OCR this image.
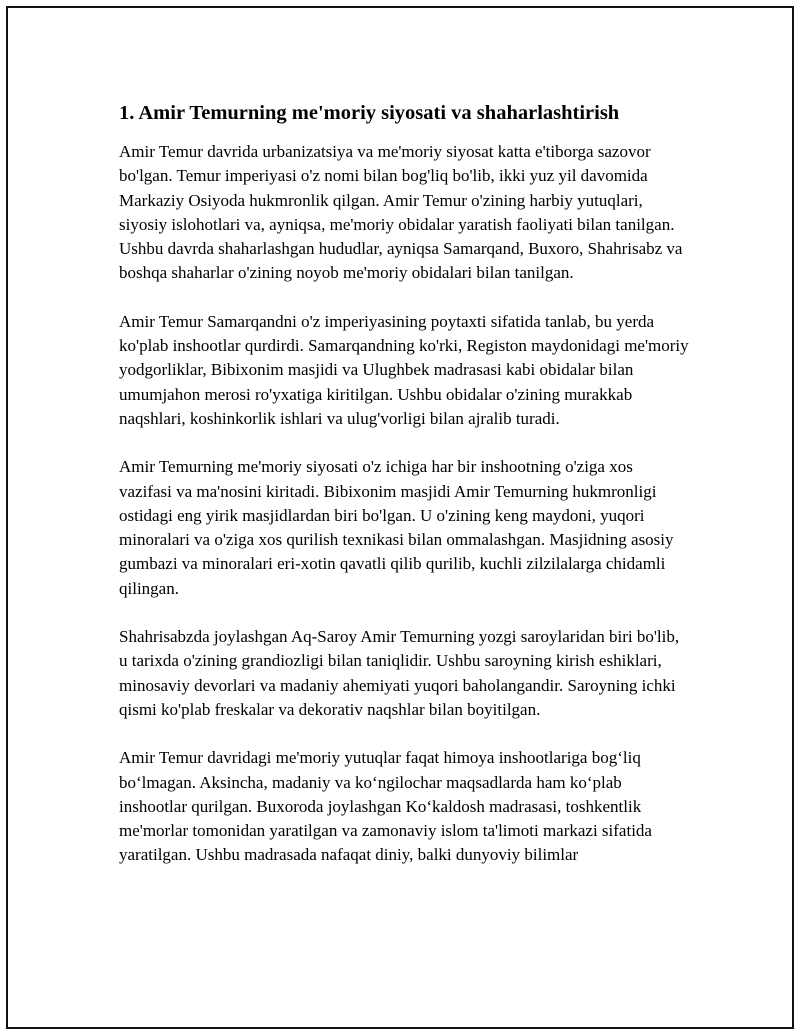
1. Amir Temurning me'moriy siyosati va shaharlashtirish

Amir Temur davrida urbanizatsiya va me'moriy siyosat katta e'tiborga sazovor bo'lgan. Temur imperiyasi o'z nomi bilan bog'liq bo'lib, ikki yuz yil davomida Markaziy Osiyoda hukmronlik qilgan. Amir Temur o'zining harbiy yutuqlari, siyosiy islohotlari va, ayniqsa, me'moriy obidalar yaratish faoliyati bilan tanilgan. Ushbu davrda shaharlashgan hududlar, ayniqsa Samarqand, Buxoro, Shahrisabz va boshqa shaharlar o'zining noyob me'moriy obidalari bilan tanilgan.

Amir Temur Samarqandni o'z imperiyasining poytaxti sifatida tanlab, bu yerda ko'plab inshootlar qurdirdi. Samarqandning ko'rki, Registon maydonidagi me'moriy yodgorliklar, Bibixonim masjidi va Ulughbek madrasasi kabi obidalar bilan umumjahon merosi ro'yxatiga kiritilgan. Ushbu obidalar o'zining murakkab naqshlari, koshinkorlik ishlari va ulug'vorligi bilan ajralib turadi.

Amir Temurning me'moriy siyosati o'z ichiga har bir inshootning o'ziga xos vazifasi va ma'nosini kiritadi. Bibixonim masjidi Amir Temurning hukmronligi ostidagi eng yirik masjidlardan biri bo'lgan. U o'zining keng maydoni, yuqori minoralari va o'ziga xos qurilish texnikasi bilan ommalashgan. Masjidning asosiy gumbazi va minoralari eri-xotin qavatli qilib qurilib, kuchli zilzilalarga chidamli qilingan.

Shahrisabzda joylashgan Aq-Saroy Amir Temurning yozgi saroylaridan biri bo'lib, u tarixda o'zining grandiozligi bilan taniqlidir. Ushbu saroyning kirish eshiklari, minosaviy devorlari va madaniy ahemiyati yuqori baholangandir. Saroyning ichki qismi ko'plab freskalar va dekorativ naqshlar bilan boyitilgan.

Amir Temur davridagi me'moriy yutuqlar faqat himoya inshootlariga bog‘liq bo‘lmagan. Aksincha, madaniy va ko‘ngilochar maqsadlarda ham ko‘plab inshootlar qurilgan. Buxoroda joylashgan Ko‘kaldosh madrasasi, toshkentlik me'morlar tomonidan yaratilgan va zamonaviy islom ta'limoti markazi sifatida yaratilgan. Ushbu madrasada nafaqat diniy, balki dunyoviy bilimlar
